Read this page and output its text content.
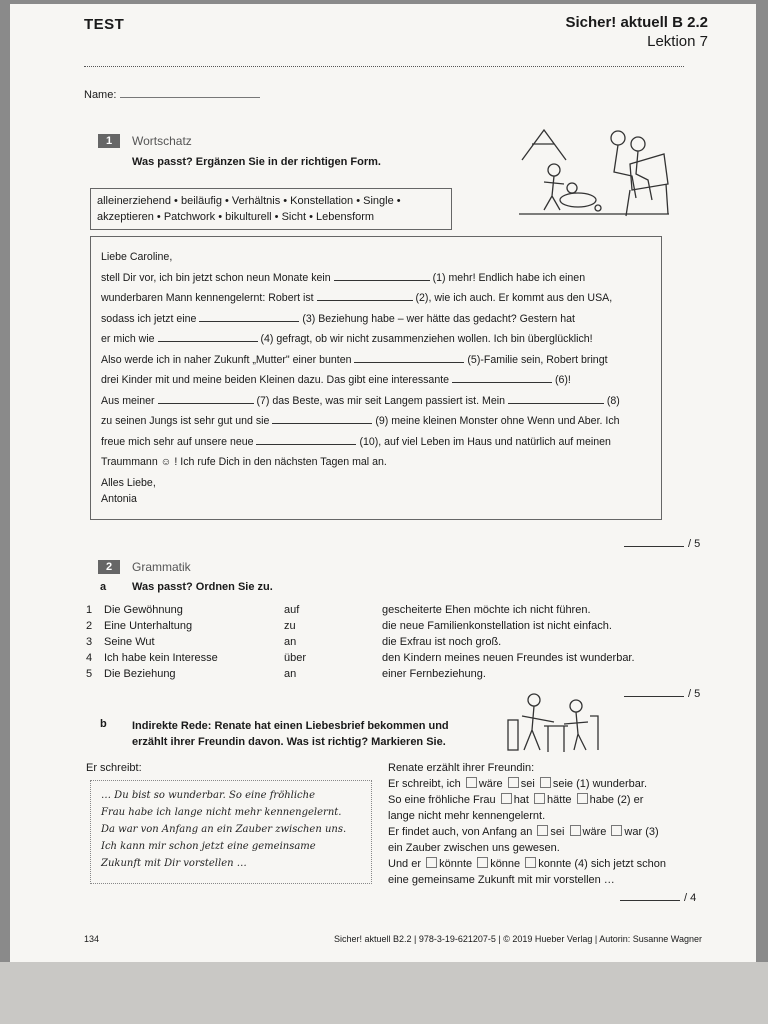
TEST	Sicher! aktuell B 2.2
Lektion 7
Name:
1	Wortschatz
Was passt? Ergänzen Sie in der richtigen Form.
alleinerziehend • beiläufig • Verhältnis • Konstellation • Single •
akzeptieren • Patchwork • bikulturell • Sicht • Lebensform

Liebe Caroline,

stell Dir vor, ich bin jetzt schon neun Monate kein	(1) mehr! Endlich habe ich einen

wunderbaren Mann kennengelernt: Robert ist	(2), wie ich auch. Er kommt aus den USA,

sodass ich jetzt eine	(3) Beziehung habe – wer hätte das gedacht? Gestern hat

er mich wie	(4) gefragt, ob wir nicht zusammenziehen wollen. Ich bin überglücklich!

Also werde ich in naher Zukunft „Mutter" einer bunten	(5)-Familie sein, Robert bringt

drei Kinder mit und meine beiden Kleinen dazu. Das gibt eine interessante	(6)!

Aus meiner	(7) das Beste, was mir seit Langem passiert ist. Mein	(8)

zu seinen Jungs ist sehr gut und sie	(9) meine kleinen Monster ohne Wenn und Aber. Ich

freue mich sehr auf unsere neue	(10), auf viel Leben im Haus und natürlich auf meinen

Traummann ☺ ! Ich rufe Dich in den nächsten Tagen mal an.

Alles Liebe,

Antonia

/ 5
2	Grammatik
a Was passt? Ordnen Sie zu.
1	Die Gewöhnung	auf	gescheiterte Ehen möchte ich nicht führen.
2	Eine Unterhaltung	zu	die neue Familienkonstellation ist nicht einfach.
3	Seine Wut	an	die Exfrau ist noch groß.
4	Ich habe kein Interesse	über	den Kindern meines neuen Freundes ist wunderbar.
5	Die Beziehung	an	einer Fernbeziehung.
/ 5
b Indirekte Rede: Renate hat einen Liebesbrief bekommen und
erzählt ihrer Freundin davon. Was ist richtig? Markieren Sie.
Er schreibt:
… Du bist so wunderbar. So eine fröhliche
Frau habe ich lange nicht mehr kennengelernt.
Da war von Anfang an ein Zauber zwischen uns.
Ich kann mir schon jetzt eine gemeinsame
Zukunft mit Dir vorstellen …
Renate erzählt ihrer Freundin:
Er schreibt, ich wäre sei seie (1) wunderbar.
So eine fröhliche Frau hat hätte habe (2) er
lange nicht mehr kennengelernt.
Er findet auch, von Anfang an sei wäre war (3)
ein Zauber zwischen uns gewesen.
Und er könnte könne konnte (4) sich jetzt schon
eine gemeinsame Zukunft mit mir vorstellen …
/ 4
134	Sicher! aktuell B2.2 | 978-3-19-621207-5 | © 2019 Hueber Verlag | Autorin: Susanne Wagner
